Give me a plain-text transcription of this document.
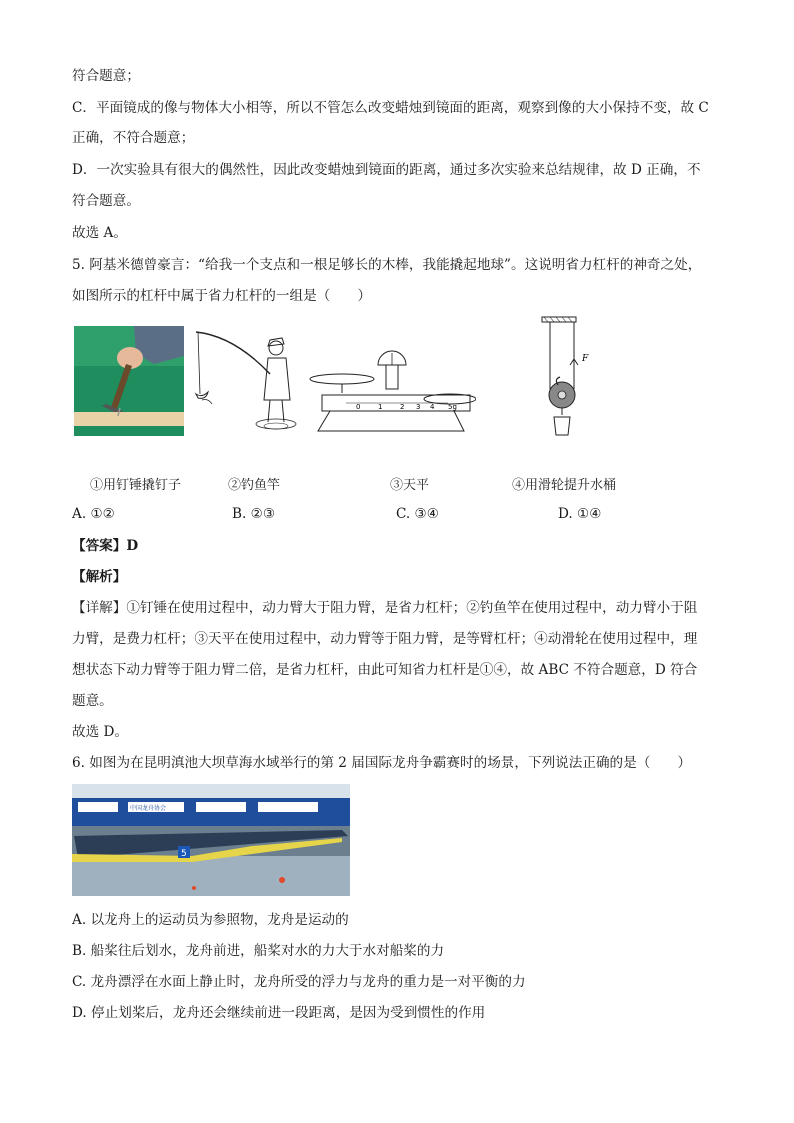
符合题意；
C．平面镜成的像与物体大小相等，所以不管怎么改变蜡烛到镜面的距离，观察到像的大小保持不变，故 C
正确，不符合题意；
D．一次实验具有很大的偶然性，因此改变蜡烛到镜面的距离，通过多次实验来总结规律，故 D 正确，不
符合题意。
故选 A。
5. 阿基米德曾豪言：“给我一个支点和一根足够长的木棒，我能撬起地球”。这说明省力杠杆的神奇之处，
如图所示的杠杆中属于省力杠杆的一组是（　　）
0	1	2 3 4 5g
F
①用钉锤撬钉子	②钓鱼竿	③天平	④用滑轮提升水桶
A. ①②	B. ②③	C. ③④	D. ①④
【答案】D
【解析】
【详解】①钉锤在使用过程中，动力臂大于阻力臂，是省力杠杆；②钓鱼竿在使用过程中，动力臂小于阻
力臂，是费力杠杆；③天平在使用过程中，动力臂等于阻力臂，是等臂杠杆；④动滑轮在使用过程中，理
想状态下动力臂等于阻力臂二倍，是省力杠杆，由此可知省力杠杆是①④，故 ABC 不符合题意，D 符合
题意。
故选 D。
6. 如图为在昆明滇池大坝草海水域举行的第 2 届国际龙舟争霸赛时的场景，下列说法正确的是（　　）
中国龙舟协会
5
A. 以龙舟上的运动员为参照物，龙舟是运动的
B. 船桨往后划水，龙舟前进，船桨对水的力大于水对船桨的力
C. 龙舟漂浮在水面上静止时，龙舟所受的浮力与龙舟的重力是一对平衡的力
D. 停止划桨后，龙舟还会继续前进一段距离，是因为受到惯性的作用
